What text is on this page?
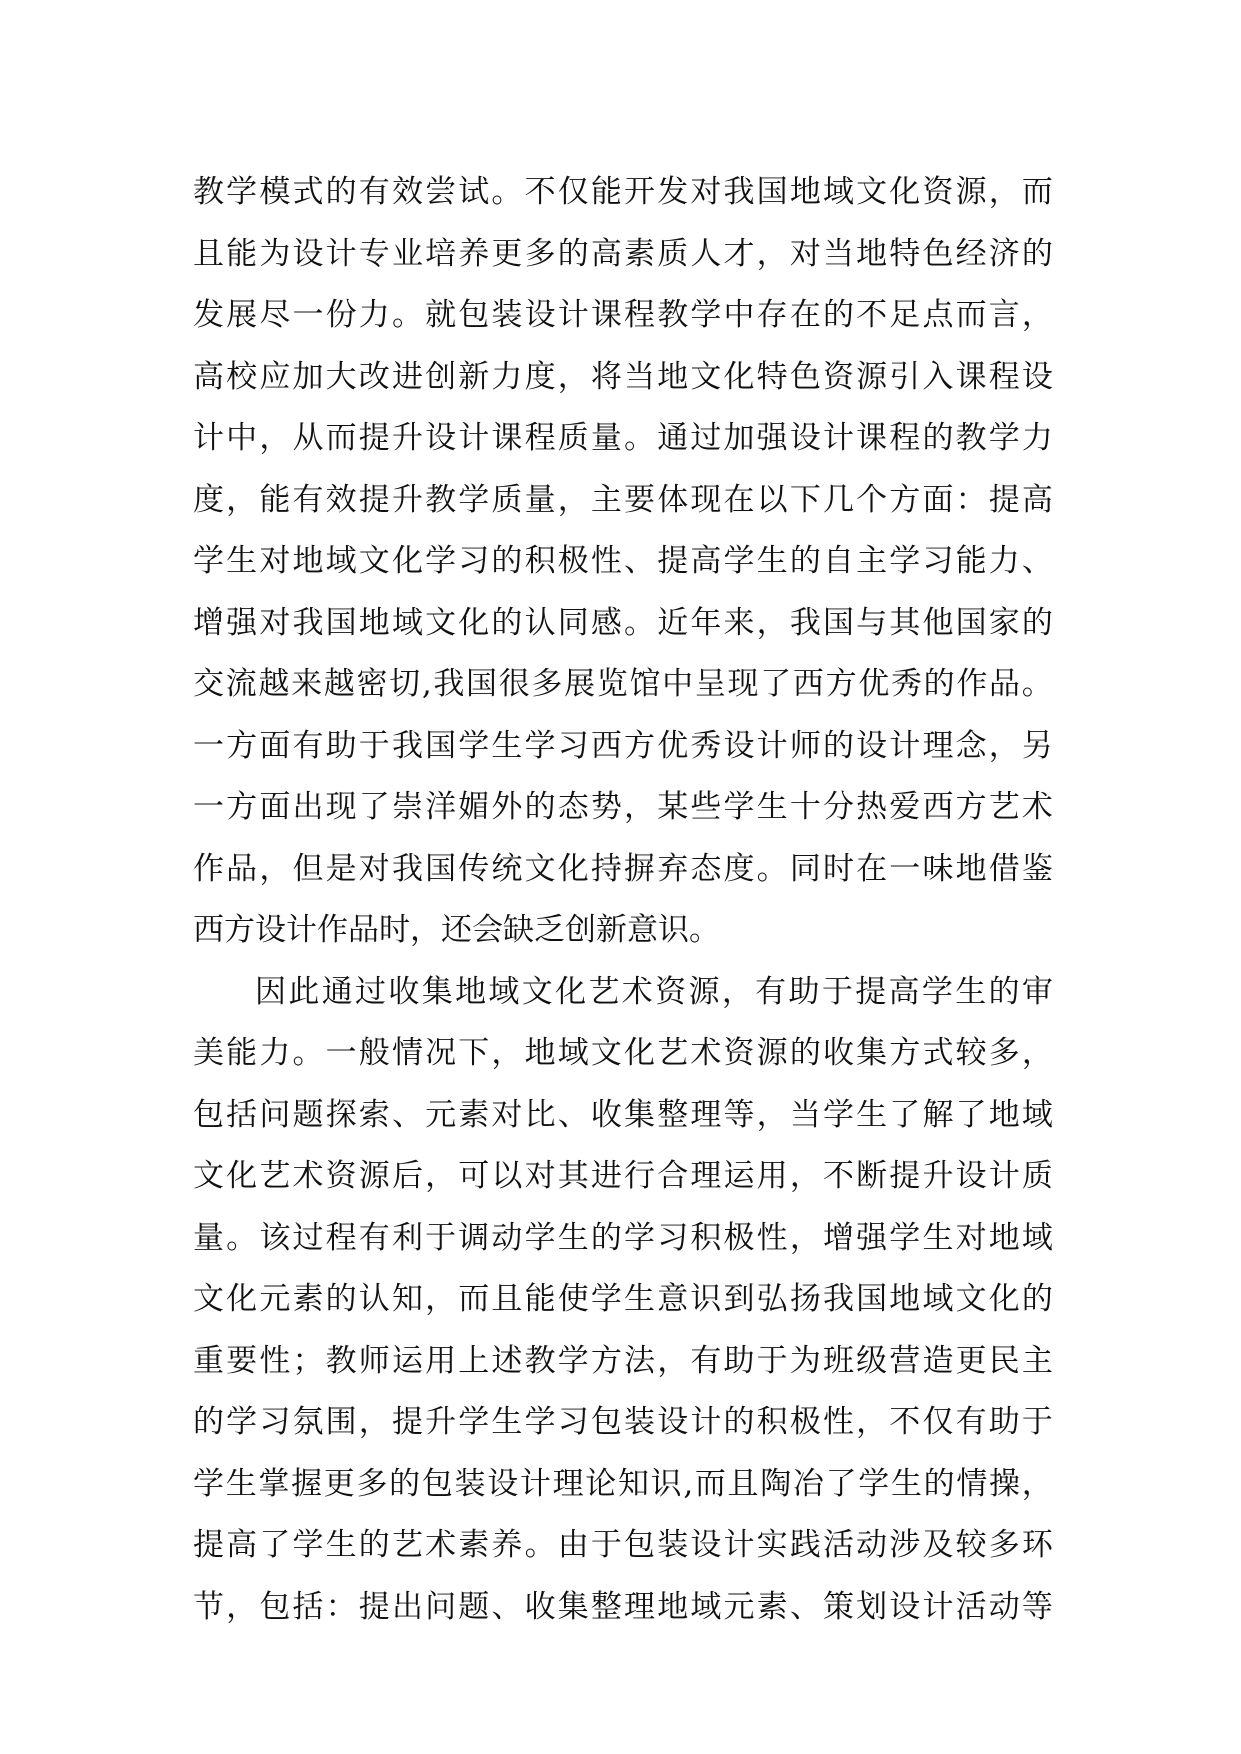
教 学 模 式 的 有 效 尝 试 。 不 仅 能 开 发 对 我 国 地 域 文 化 资 源 ， 而
且 能 为 设 计 专 业 培 养 更 多 的 高 素 质 人 才 ， 对 当 地 特 色 经 济 的
发 展 尽 一 份 力 。 就 包 装 设 计 课 程 教 学 中 存 在 的 不 足 点 而 言 ，
高 校 应 加 大 改 进 创 新 力 度 ， 将 当 地 文 化 特 色 资 源 引 入 课 程 设
计 中 ， 从 而 提 升 设 计 课 程 质 量 。 通 过 加 强 设 计 课 程 的 教 学 力
度 ， 能 有 效 提 升 教 学 质 量 ， 主 要 体 现 在 以 下 几 个 方 面 ： 提 高
学 生 对 地 域 文 化 学 习 的 积 极 性 、 提 高 学 生 的 自 主 学 习 能 力 、
增 强 对 我 国 地 域 文 化 的 认 同 感 。 近 年 来 ， 我 国 与 其 他 国 家 的
交 流 越 来 越 密 切 , 我 国 很 多 展 览 馆 中 呈 现 了 西 方 优 秀 的 作 品 。
一 方 面 有 助 于 我 国 学 生 学 习 西 方 优 秀 设 计 师 的 设 计 理 念 ， 另
一 方 面 出 现 了 崇 洋 媚 外 的 态 势 ， 某 些 学 生 十 分 热 爱 西 方 艺 术
作 品 ， 但 是 对 我 国 传 统 文 化 持 摒 弃 态 度 。 同 时 在 一 味 地 借 鉴
西方设计作品时，还会缺乏创新意识。
因 此 通 过 收 集 地 域 文 化 艺 术 资 源 ， 有 助 于 提 高 学 生 的 审
美 能 力 。 一 般 情 况 下 ， 地 域 文 化 艺 术 资 源 的 收 集 方 式 较 多 ，
包 括 问 题 探 索 、 元 素 对 比 、 收 集 整 理 等 ， 当 学 生 了 解 了 地 域
文 化 艺 术 资 源 后 ， 可 以 对 其 进 行 合 理 运 用 ， 不 断 提 升 设 计 质
量 。 该 过 程 有 利 于 调 动 学 生 的 学 习 积 极 性 ， 增 强 学 生 对 地 域
文 化 元 素 的 认 知 ， 而 且 能 使 学 生 意 识 到 弘 扬 我 国 地 域 文 化 的
重 要 性 ； 教 师 运 用 上 述 教 学 方 法 ， 有 助 于 为 班 级 营 造 更 民 主
的 学 习 氛 围 ， 提 升 学 生 学 习 包 装 设 计 的 积 极 性 ， 不 仅 有 助 于
学 生 掌 握 更 多 的 包 装 设 计 理 论 知 识 , 而 且 陶 冶 了 学 生 的 情 操 ，
提 高 了 学 生 的 艺 术 素 养 。 由 于 包 装 设 计 实 践 活 动 涉 及 较 多 环
节 ， 包 括 ： 提 出 问 题 、 收 集 整 理 地 域 元 素 、 策 划 设 计 活 动 等
